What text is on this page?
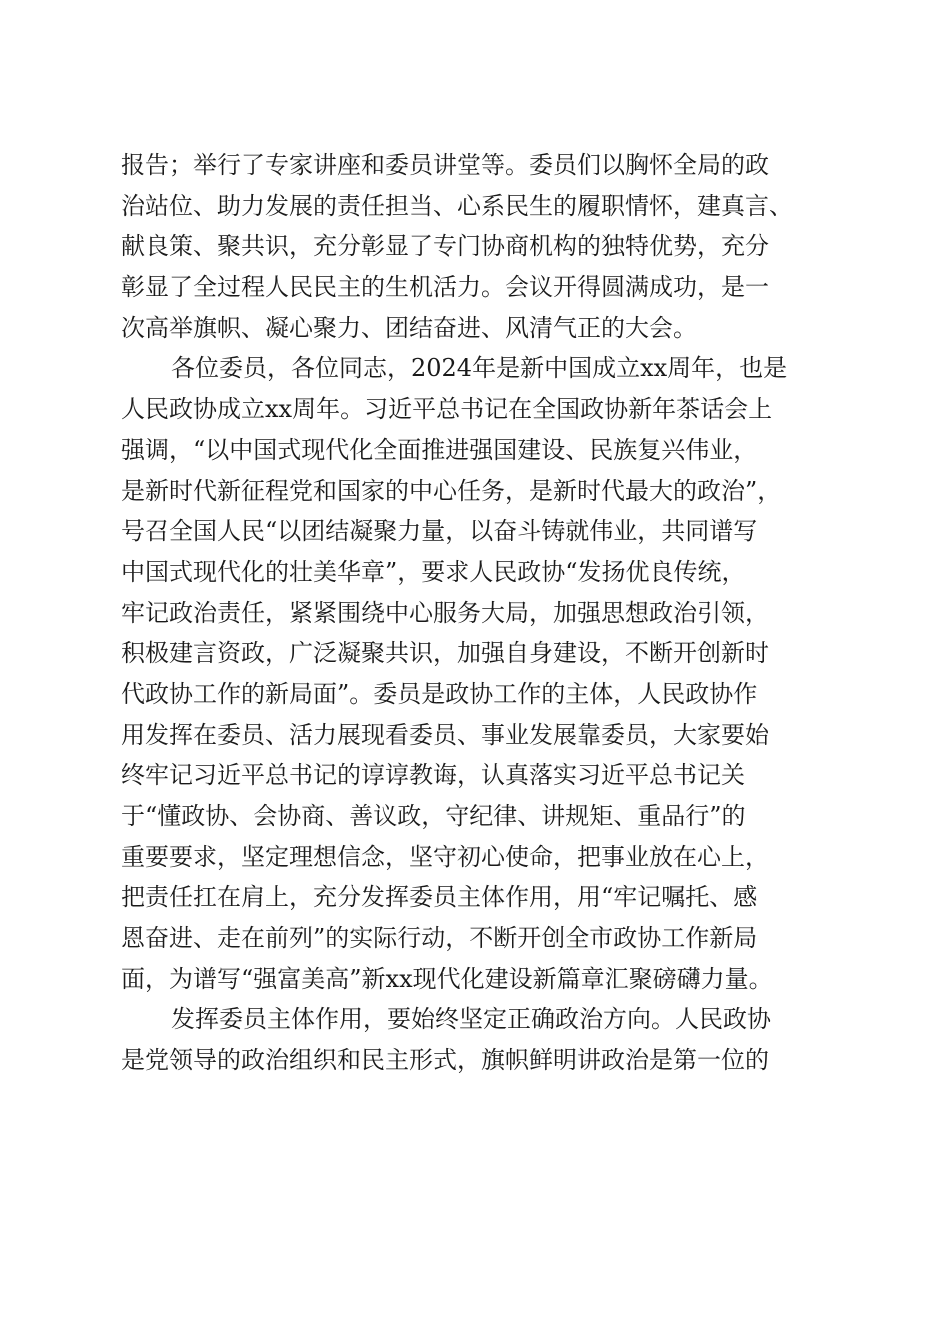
报告；举行了专家讲座和委员讲堂等。委员们以胸怀全局的政
治站位、助力发展的责任担当、心系民生的履职情怀，建真言、
献良策、聚共识，充分彰显了专门协商机构的独特优势，充分
彰显了全过程人民民主的生机活力。会议开得圆满成功，是一
次高举旗帜、凝心聚力、团结奋进、风清气正的大会。
各位委员，各位同志，2024年是新中国成立xx周年，也是
人民政协成立xx周年。习近平总书记在全国政协新年茶话会上
强调，“以中国式现代化全面推进强国建设、民族复兴伟业，
是新时代新征程党和国家的中心任务，是新时代最大的政治”，
号召全国人民“以团结凝聚力量，以奋斗铸就伟业，共同谱写
中国式现代化的壮美华章”，要求人民政协“发扬优良传统，
牢记政治责任，紧紧围绕中心服务大局，加强思想政治引领，
积极建言资政，广泛凝聚共识，加强自身建设，不断开创新时
代政协工作的新局面”。委员是政协工作的主体，人民政协作
用发挥在委员、活力展现看委员、事业发展靠委员，大家要始
终牢记习近平总书记的谆谆教诲，认真落实习近平总书记关
于“懂政协、会协商、善议政，守纪律、讲规矩、重品行”的
重要要求，坚定理想信念，坚守初心使命，把事业放在心上，
把责任扛在肩上，充分发挥委员主体作用，用“牢记嘱托、感
恩奋进、走在前列”的实际行动，不断开创全市政协工作新局
面，为谱写“强富美高”新xx现代化建设新篇章汇聚磅礴力量。
发挥委员主体作用，要始终坚定正确政治方向。人民政协
是党领导的政治组织和民主形式，旗帜鲜明讲政治是第一位的
